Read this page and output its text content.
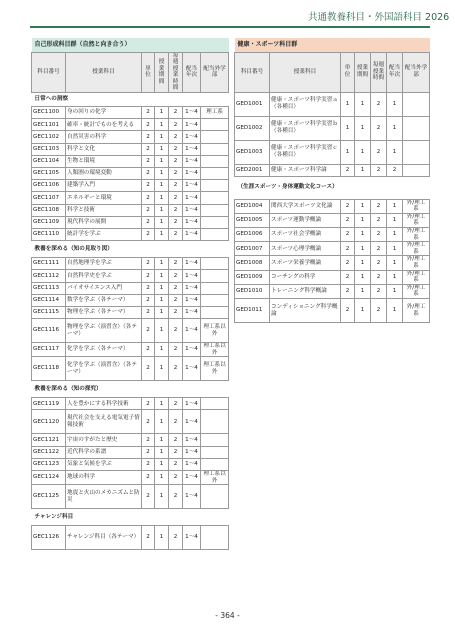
共通教養科目・外国語科目 2026
自己形成科目群（自然と向き合う）						
科目番号	授業科目	単位	授業期間	毎週授業時間	配当年次	配当外学部
日常への洞察						
GEC1100	身の回りの化学	2	1	2	1～4	理工系
GEC1101	確率・統計でものを考える	2	1	2	1～4	
GEC1102	自然災害の科学	2	1	2	1～4	
GEC1103	科学と文化	2	1	2	1～4	
GEC1104	生物と環境	2	1	2	1～4	
GEC1105	人類圏の環境変動	2	1	2	1～4	
GEC1106	建築学入門	2	1	2	1～4	
GEC1107	エネルギーと環境	2	1	2	1～4	
GEC1108	科学と技術	2	1	2	1～4	
GEC1109	現代科学の展開	2	1	2	1～4	
GEC1110	統計学を学ぶ	2	1	2	1～4	
教養を深める（知の見取り図）						
GEC1111	自然地理学を学ぶ	2	1	2	1～4	
GEC1112	自然科学史を学ぶ	2	1	2	1～4	
GEC1113	バイオサイエンス入門	2	1	2	1～4	
GEC1114	数学を学ぶ（各テーマ）	2	1	2	1～4	
GEC1115	物理を学ぶ（各テーマ）	2	1	2	1～4	
GEC1116	物理を学ぶ（演習含）（各テーマ）	2	1	2	1～4	理工系以外
GEC1117	化学を学ぶ（各テーマ）	2	1	2	1～4	理工系以外
GEC1118	化学を学ぶ（演習含）（各テーマ）	2	1	2	1～4	理工系以外
教養を深める（知の探究）						
GEC1119	人を豊かにする科学技術	2	1	2	1～4	
GEC1120	現代社会を支える電気電子情報技術	2	1	2	1～4	
GEC1121	宇宙のすがたと歴史	2	1	2	1～4	
GEC1122	近代科学の系譜	2	1	2	1～4	
GEC1123	気象と気候を学ぶ	2	1	2	1～4	
GEC1124	地球の科学	2	1	2	1～4	理工系以外
GEC1125	地震と火山のメカニズムと防災	2	1	2	1～4	
チャレンジ科目						
GEC1126	チャレンジ科目（各テーマ）	2	1	2	1～4	
健康・スポーツ科目群						
科目番号	授業科目	単位	授業期間	毎週授業時間	配当年次	配当外学部
GED1001	健康・スポーツ科学実習ａ（各種目）	1	1	2	1	
GED1002	健康・スポーツ科学実習ｂ（各種目）	1	1	2	1	
GED1003	健康・スポーツ科学実習ｃ（各種目）	1	1	2	1	
GED2001	健康・スポーツ科学論	2	1	2	2	
（生涯スポーツ・身体運動文化コース）						
GED1004	関西大学スポーツ文化論	2	1	2	1	外/理工系
GED1005	スポーツ運動学概論	2	1	2	1	外/理工系
GED1006	スポーツ社会学概論	2	1	2	1	外/理工系
GED1007	スポーツ心理学概論	2	1	2	1	外/理工系
GED1008	スポーツ栄養学概論	2	1	2	1	外/理工系
GED1009	コーチングの科学	2	1	2	1	外/理工系
GED1010	トレーニング科学概論	2	1	2	1	外/理工系
GED1011	コンディショニング科学概論	2	1	2	1	外/理工系
- 364 -
